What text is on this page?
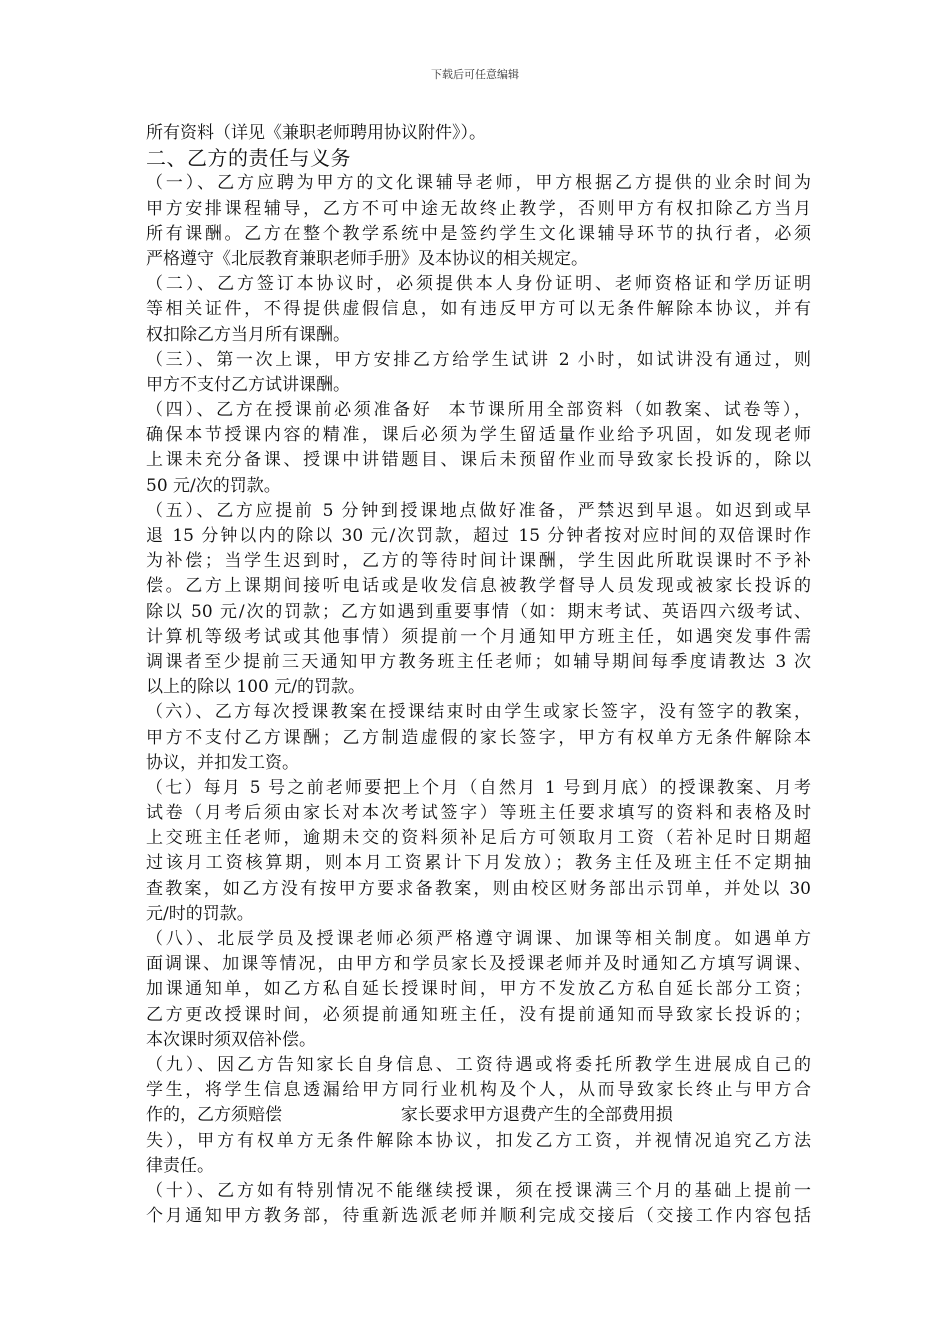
下载后可任意编辑
所有资料（详见《兼职老师聘用协议附件》）。
二、乙方的责任与义务
（一）、乙方应聘为甲方的文化课辅导老师，甲方根据乙方提供的业余时间为
甲方安排课程辅导，乙方不可中途无故终止教学，否则甲方有权扣除乙方当月
所有课酬。乙方在整个教学系统中是签约学生文化课辅导环节的执行者，必须
严格遵守《北辰教育兼职老师手册》及本协议的相关规定。
（二）、乙方签订本协议时，必须提供本人身份证明、老师资格证和学历证明
等相关证件，不得提供虚假信息，如有违反甲方可以无条件解除本协议，并有
权扣除乙方当月所有课酬。
（三）、第一次上课，甲方安排乙方给学生试讲 2 小时，如试讲没有通过，则
甲方不支付乙方试讲课酬。
（四）、乙方在授课前必须准备好  本节课所用全部资料（如教案、试卷等），
确保本节授课内容的精准，课后必须为学生留适量作业给予巩固，如发现老师
上课未充分备课、授课中讲错题目、课后未预留作业而导致家长投诉的，除以
50 元/次的罚款。
（五）、乙方应提前 5 分钟到授课地点做好准备，严禁迟到早退。如迟到或早
退 15 分钟以内的除以 30 元/次罚款，超过 15 分钟者按对应时间的双倍课时作
为补偿；当学生迟到时，乙方的等待时间计课酬，学生因此所耽误课时不予补
偿。乙方上课期间接听电话或是收发信息被教学督导人员发现或被家长投诉的
除以 50 元/次的罚款；乙方如遇到重要事情（如：期末考试、英语四六级考试、
计算机等级考试或其他事情）须提前一个月通知甲方班主任，如遇突发事件需
调课者至少提前三天通知甲方教务班主任老师；如辅导期间每季度请教达 3 次
以上的除以 100 元/的罚款。
（六）、乙方每次授课教案在授课结束时由学生或家长签字，没有签字的教案，
甲方不支付乙方课酬；乙方制造虚假的家长签字，甲方有权单方无条件解除本
协议，并扣发工资。
（七）每月 5 号之前老师要把上个月（自然月 1 号到月底）的授课教案、月考
试卷（月考后须由家长对本次考试签字）等班主任要求填写的资料和表格及时
上交班主任老师，逾期未交的资料须补足后方可领取月工资（若补足时日期超
过该月工资核算期，则本月工资累计下月发放）；教务主任及班主任不定期抽
查教案，如乙方没有按甲方要求备教案，则由校区财务部出示罚单，并处以 30
元/时的罚款。
（八）、北辰学员及授课老师必须严格遵守调课、加课等相关制度。如遇单方
面调课、加课等情况，由甲方和学员家长及授课老师并及时通知乙方填写调课、
加课通知单，如乙方私自延长授课时间，甲方不发放乙方私自延长部分工资；
乙方更改授课时间，必须提前通知班主任，没有提前通知而导致家长投诉的；
本次课时须双倍补偿。
（九）、因乙方告知家长自身信息、工资待遇或将委托所教学生进展成自己的
学生，将学生信息透漏给甲方同行业机构及个人，从而导致家长终止与甲方合
作的，乙方须赔偿                      家长要求甲方退费产生的全部费用损
失），甲方有权单方无条件解除本协议，扣发乙方工资，并视情况追究乙方法
律责任。
（十）、乙方如有特别情况不能继续授课，须在授课满三个月的基础上提前一
个月通知甲方教务部，待重新选派老师并顺利完成交接后（交接工作内容包括
